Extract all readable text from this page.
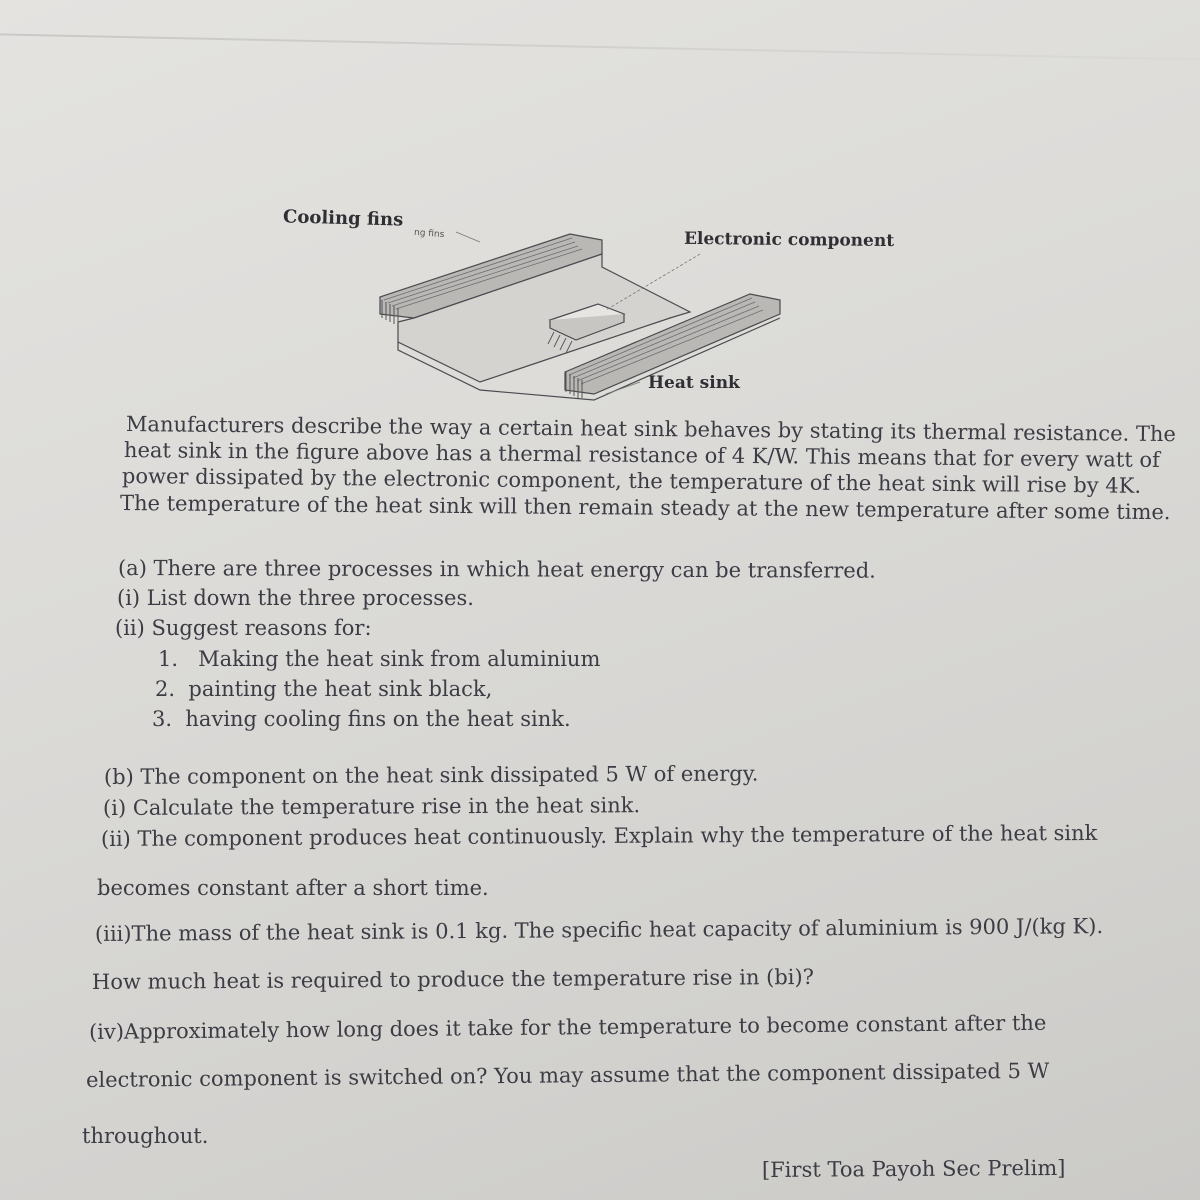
Cooling fins
ng fins	Electronic component
Heat sink
Manufacturers describe the way a certain heat sink behaves by stating its thermal resistance. The
heat sink in the figure above has a thermal resistance of 4 K/W. This means that for every watt of
power dissipated by the electronic component, the temperature of the heat sink will rise by 4K.
The temperature of the heat sink will then remain steady at the new temperature after some time.
(a) There are three processes in which heat energy can be transferred.
(i) List down the three processes.
(ii) Suggest reasons for:
1. Making the heat sink from aluminium
2. painting the heat sink black,
3. having cooling fins on the heat sink.
(b) The component on the heat sink dissipated 5 W of energy.
(i) Calculate the temperature rise in the heat sink.
(ii) The component produces heat continuously. Explain why the temperature of the heat sink
becomes constant after a short time.
(iii)The mass of the heat sink is 0.1 kg. The specific heat capacity of aluminium is 900 J/(kg K).
How much heat is required to produce the temperature rise in (bi)?
(iv)Approximately how long does it take for the temperature to become constant after the
electronic component is switched on? You may assume that the component dissipated 5 W
throughout.
[First Toa Payoh Sec Prelim]
